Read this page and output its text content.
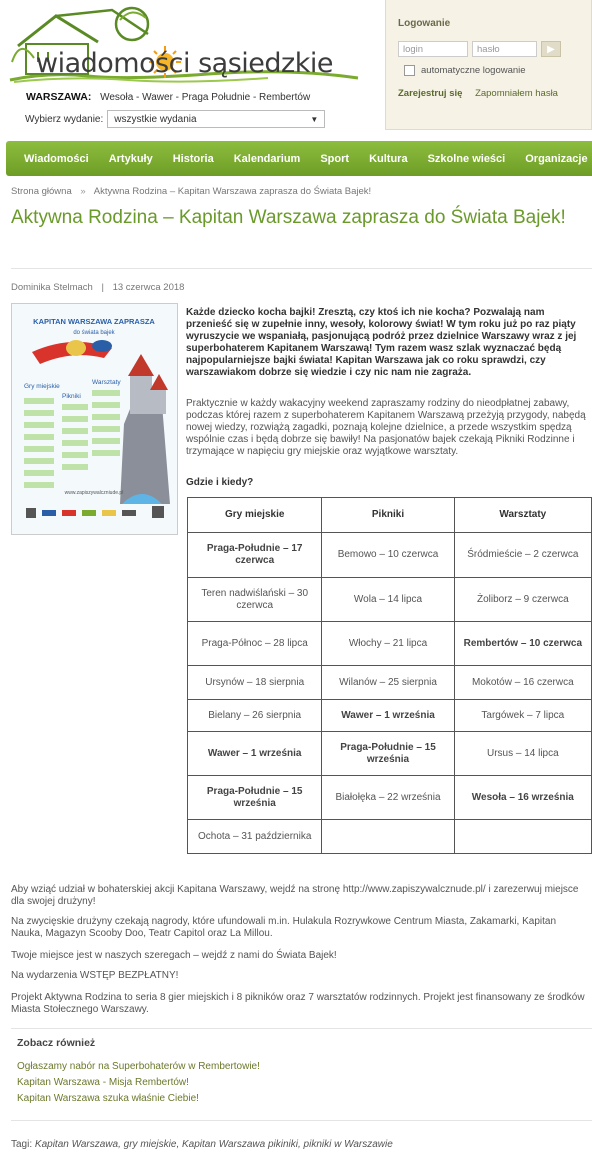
wiadomości sąsiedzkie
WARSZAWA: Wesoła - Wawer - Praga Południe - Rembertów
Wybierz wydanie: wszystkie wydania	▼
Logowanie
login	hasło	▶
automatyczne logowanie
Zarejestruj się Zapomniałem hasła
Wiadomości	Artykuły	Historia	Kalendarium	Sport	Kultura	Szkolne wieści	Organizacje
Strona główna » Aktywna Rodzina – Kapitan Warszawa zaprasza do Świata Bajek!
Aktywna Rodzina – Kapitan Warszawa zaprasza do Świata Bajek!
Dominika Stelmach | 13 czerwca 2018
KAPITAN WARSZAWA ZAPRASZA
do świata bajek
Gry miejskie
Pikniki
Warsztaty
www.zapiszywalczniude.pl
Każde dziecko kocha bajki! Zresztą, czy ktoś ich nie kocha? Pozwalają nam przenieść się w zupełnie inny, wesoły, kolorowy świat! W tym roku już po raz piąty wyruszycie we wspaniałą, pasjonującą podróż przez dzielnice Warszawy wraz z jej superbohaterem Kapitanem Warszawą! Tym razem wasz szlak wyznaczać będą najpopularniejsze bajki świata! Kapitan Warszawa jak co roku sprawdzi, czy warszawiakom dobrze się wiedzie i czy nic nam nie zagraża.
Praktycznie w każdy wakacyjny weekend zapraszamy rodziny do nieodpłatnej zabawy, podczas której razem z superbohaterem Kapitanem Warszawą przeżyją przygody, nabędą nowej wiedzy, rozwiążą zagadki, poznają kolejne dzielnice, a przede wszystkim spędzą wspólnie czas i będą dobrze się bawiły! Na pasjonatów bajek czekają Pikniki Rodzinne i trzymające w napięciu gry miejskie oraz wyjątkowe warsztaty.
Gdzie i kiedy?
Gry miejskie	Pikniki	Warsztaty
Praga-Południe – 17 czerwca	Bemowo – 10 czerwca	Śródmieście – 2 czerwca
Teren nadwiślański – 30 czerwca	Wola – 14 lipca	Żoliborz – 9 czerwca
Praga-Północ – 28 lipca	Włochy – 21 lipca	Rembertów – 10 czerwca
Ursynów – 18 sierpnia	Wilanów – 25 sierpnia	Mokotów – 16 czerwca
Bielany – 26 sierpnia	Wawer – 1 września	Targówek – 7 lipca
Wawer – 1 września	Praga-Południe – 15 września	Ursus – 14 lipca
Praga-Południe – 15 września	Białołęka – 22 września	Wesoła – 16 września
Ochota – 31 października		
Aby wziąć udział w bohaterskiej akcji Kapitana Warszawy, wejdź na stronę http://www.zapiszywalcznude.pl/ i zarezerwuj miejsce dla swojej drużyny!
Na zwycięskie drużyny czekają nagrody, które ufundowali m.in. Hulakula Rozrywkowe Centrum Miasta, Zakamarki, Kapitan Nauka, Magazyn Scooby Doo, Teatr Capitol oraz La Millou.
Twoje miejsce jest w naszych szeregach – wejdź z nami do Świata Bajek!
Na wydarzenia WSTĘP BEZPŁATNY!
Projekt Aktywna Rodzina to seria 8 gier miejskich i 8 pikników oraz 7 warsztatów rodzinnych. Projekt jest finansowany ze środków Miasta Stołecznego Warszawy.
Zobacz również
Ogłaszamy nabór na Superbohaterów w Rembertowie!
Kapitan Warszawa - Misja Rembertów!
Kapitan Warszawa szuka właśnie Ciebie!
Tagi: Kapitan Warszawa, gry miejskie, Kapitan Warszawa pikiniki, pikniki w Warszawie
